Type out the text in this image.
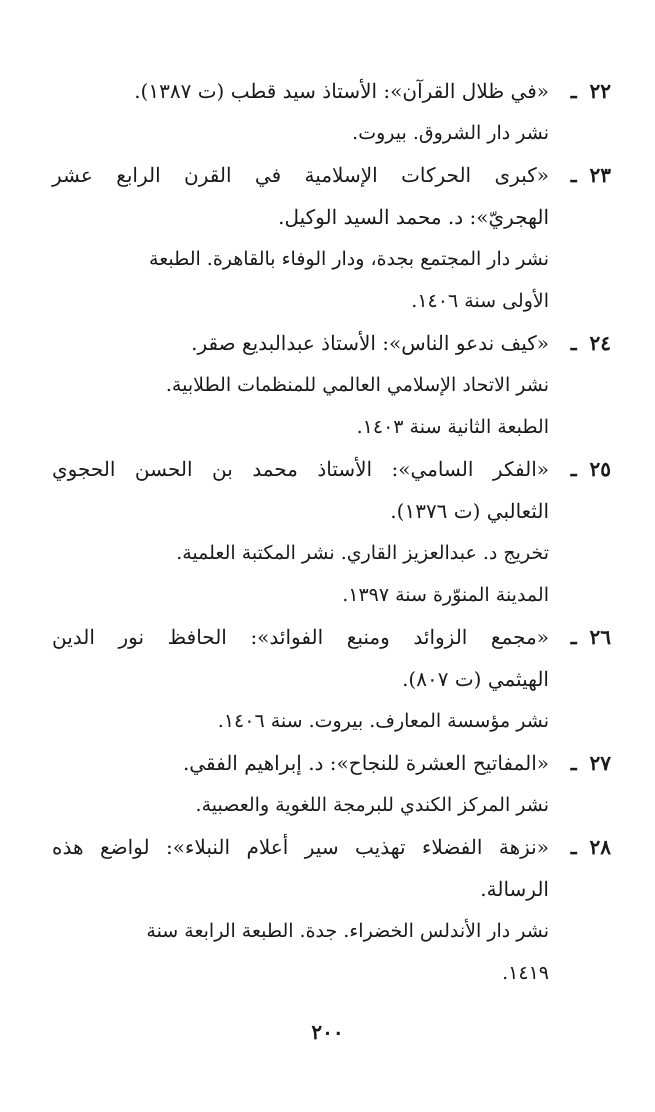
٢٢ ـ
«في ظلال القرآن»: الأستاذ سيد قطب (ت ١٣٨٧).
نشر دار الشروق. بيروت.
٢٣ ـ
«كبرى الحركات الإسلامية في القرن الرابع عشر
الهجريّ»: د. محمد السيد الوكيل.
نشر دار المجتمع بجدة، ودار الوفاء بالقاهرة. الطبعة
الأولى سنة ١٤٠٦.
٢٤ ـ
«كيف ندعو الناس»: الأستاذ عبدالبديع صقر.
نشر الاتحاد الإسلامي العالمي للمنظمات الطلابية.
الطبعة الثانية سنة ١٤٠٣.
٢٥ ـ
«الفكر السامي»: الأستاذ محمد بن الحسن الحجوي
الثعالبي (ت ١٣٧٦).
تخريج د. عبدالعزيز القاري. نشر المكتبة العلمية.
المدينة المنوّرة سنة ١٣٩٧.
٢٦ ـ
«مجمع الزوائد ومنبع الفوائد»: الحافظ نور الدين
الهيثمي (ت ٨٠٧).
نشر مؤسسة المعارف. بيروت. سنة ١٤٠٦.
٢٧ ـ
«المفاتيح العشرة للنجاح»: د. إبراهيم الفقي.
نشر المركز الكندي للبرمجة اللغوية والعصبية.
٢٨ ـ
«نزهة الفضلاء تهذيب سير أعلام النبلاء»: لواضع هذه
الرسالة.
نشر دار الأندلس الخضراء. جدة. الطبعة الرابعة سنة
١٤١٩.
٢٠٠
